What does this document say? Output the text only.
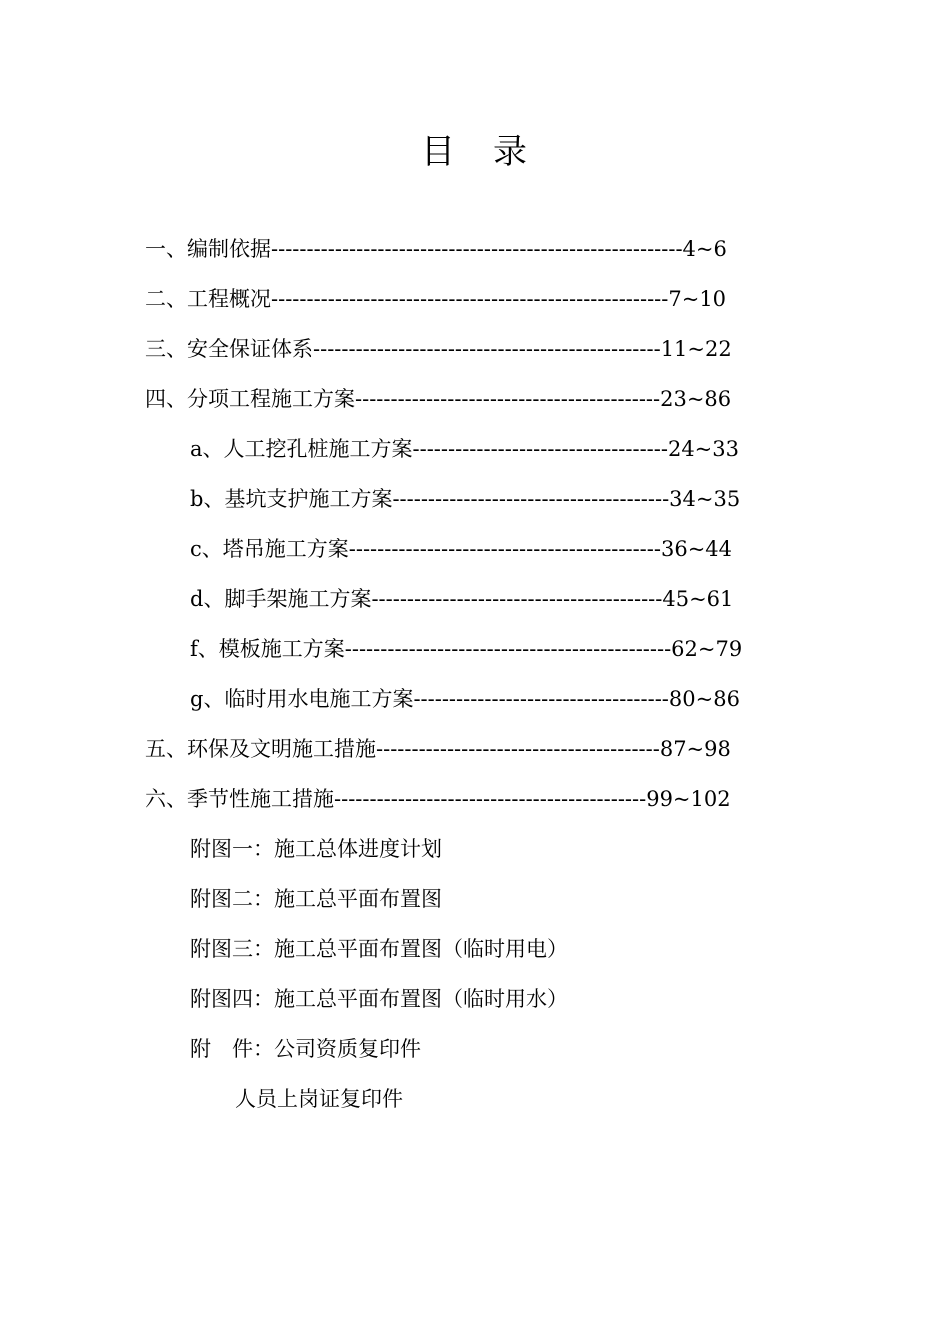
目　录
一、编制依据----------------------------------------------------------4~6
二、工程概况--------------------------------------------------------7~10
三、安全保证体系-------------------------------------------------11~22
四、分项工程施工方案-------------------------------------------23~86
a、人工挖孔桩施工方案------------------------------------24~33
b、基坑支护施工方案---------------------------------------34~35
c、塔吊施工方案--------------------------------------------36~44
d、脚手架施工方案-----------------------------------------45~61
f、模板施工方案----------------------------------------------62~79
g、临时用水电施工方案------------------------------------80~86
五、环保及文明施工措施----------------------------------------87~98
六、季节性施工措施--------------------------------------------99~102
附图一：施工总体进度计划
附图二：施工总平面布置图
附图三：施工总平面布置图（临时用电）
附图四：施工总平面布置图（临时用水）
附　件：公司资质复印件
人员上岗证复印件
